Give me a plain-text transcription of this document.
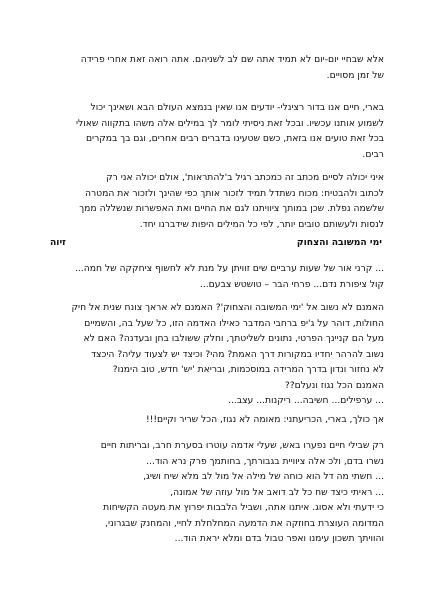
אלא שבחיי יום-יום לא תמיד אתה שם לב לשניהם. אתה רואה זאת אחרי פרידה
של זמן מסויים.

בארי, חיים אנו בדור רצינלי- יודעים אנו שאין בנמצא העולם הבא ושאינך יכול
לשמוע אותנו עכשיו. ובכל זאת ניסיתי לומר לך במילים אלה משהו בתקווה שאולי
בכל זאת טועים אנו בזאת, כשם שטעינו בדברים רבים אחרים, וגם בך במקרים
רבים.

איני יכולה לסיים מכתב זה כמכתב רגיל ב'להתראות', אולם יכולה אני רק
לכתוב ולהבטיח: מכוח נשתדל תמיד לזכור אותך כפי שהינך ולזכור את המטרה
שלשמה נפלת. שכן במותך ציוויתנו לגם את החיים ואת האפשרות שנשללה ממך
לנסות ולעשותם טובים יותר, לפי כל המילים היפות שידברנו יחד.

ימי המשובה והצחוק
זיוה

... קרני אור של שעות ערביים שים זוויתן על מנת לא לחשוף ציחקקה של חמה...
קול ציפורת נדם... פרחי הבר – טושטש צבעם...

האמנם לא נשוב אל 'ימי המשובה והצחוק'? האמנם לא אראך צונח שנית אל חיק
החולות, דוהר על ג'יפ ברחבי המדבר כאילו האדמה הזו, כל שעל בה, והשמיים
מעל הם קניינך הפרטי, נתונים לשליטתך, וחלק ששולבו בחן ובעדנה? האם לא
נשוב להרהר יחדיו במקורות דרך האמת? מהי? וכיצד יש לצעוד עליה? היכצד
לא נחזור ונדון בדרך המרידה במוסכמות, ובריאת 'יש' חדש, טוב הימנו?
האמנם הכל נגוז ונעלם??
... ערפילים... חשיבה... ריקנות... עצב...

אך כולך, בארי, הכריעתני: מאומה לא נגוז, הכל שריר וקיים!!!

רק שבילי חיים נפערו באש, שעלי אדמה עוטרו בסערת חרב, ובריתות חיים
נשרו בדם, ולכ אלה ציוויית בגבורתך, בחותמך פרק נרא הוד...
... חשתי מה דל הוא כוחה של מילה אל מול לב מלא שיח ושיג,
... ראיתי כיצד שח כל לב דואב אל מול עוזה של אמונה,
כי ידעתי ולא אסוג. איתנו אתה, ושביל הלבבות יפרוץ את מעטה הקשיחות
המדומה העוצרת בחוזקה את הדמעה המחלחלת לחיי, והמחנק שבגרוני,
והוויתך תשכון עימנו ואפר טבול בדם ומלא יראת הוד...
